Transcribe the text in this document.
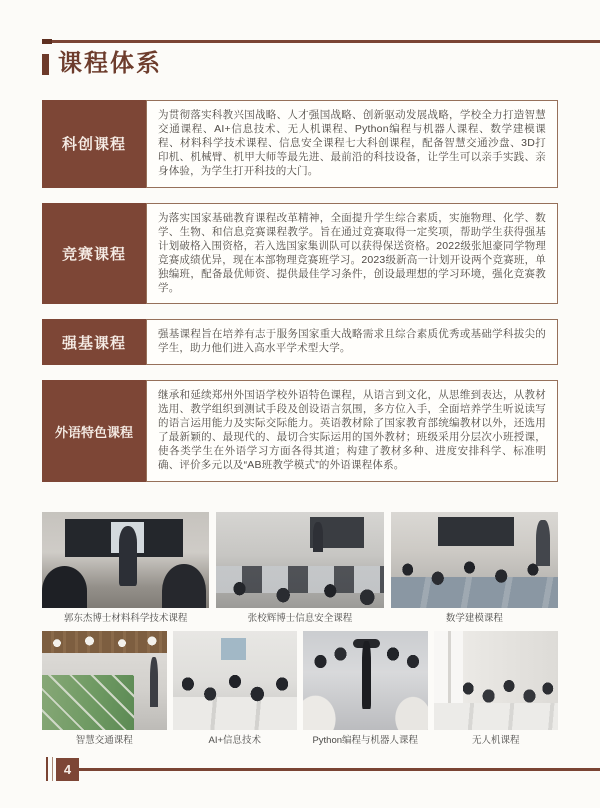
课程体系
科创课程
为贯彻落实科教兴国战略、人才强国战略、创新驱动发展战略，学校全力打造智慧交通课程、AI+信息技术、无人机课程、Python编程与机器人课程、数学建模课程、材料科学技术课程、信息安全课程七大科创课程，配备智慧交通沙盘、3D打印机、机械臂、机甲大师等最先进、最前沿的科技设备，让学生可以亲手实践、亲身体验，为学生打开科技的大门。
竞赛课程
为落实国家基础教育课程改革精神，全面提升学生综合素质，实施物理、化学、数学、生物、和信息竞赛课程教学。旨在通过竞赛取得一定奖项，帮助学生获得强基计划破格入围资格，若入选国家集训队可以获得保送资格。2022级张旭豪同学物理竞赛成绩优异，现在本部物理竞赛班学习。2023级新高一计划开设两个竞赛班，单独编班，配备最优师资、提供最佳学习条件，创设最理想的学习环境，强化竞赛教学。
强基课程
强基课程旨在培养有志于服务国家重大战略需求且综合素质优秀或基础学科拔尖的学生，助力他们进入高水平学术型大学。
外语特色课程
继承和延续郑州外国语学校外语特色课程，从语言到文化，从思维到表达，从教材选用、教学组织到测试手段及创设语言氛围，多方位入手，全面培养学生听说读写的语言运用能力及实际交际能力。英语教材除了国家教育部统编教材以外，还选用了最新颖的、最现代的、最切合实际运用的国外教材；班级采用分层次小班授课，使各类学生在外语学习方面各得其道；构建了教材多种、进度安排科学、标准明确、评价多元以及“AB班教学模式”的外语课程体系。
郭东杰博士材料科学技术课程	张校辉博士信息安全课程	数学建模课程
智慧交通课程	AI+信息技术	Python编程与机器人课程	无人机课程
4
